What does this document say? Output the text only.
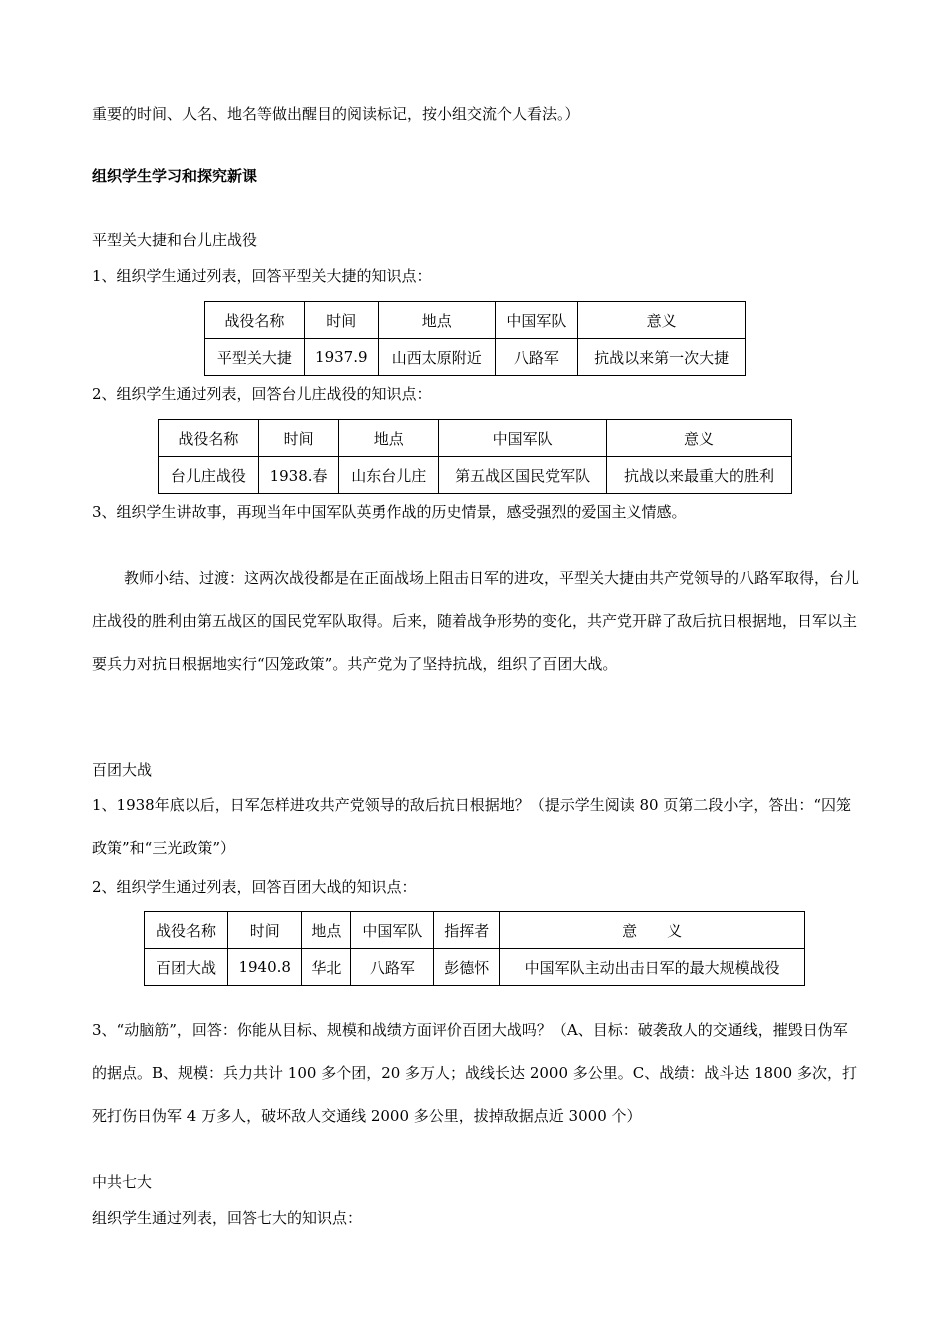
重要的时间、人名、地名等做出醒目的阅读标记，按小组交流个人看法。）
组织学生学习和探究新课
平型关大捷和台儿庄战役
1、组织学生通过列表，回答平型关大捷的知识点：
战役名称	时间	地点	中国军队	意义
平型关大捷	1937.9	山西太原附近	八路军	抗战以来第一次大捷
2、组织学生通过列表，回答台儿庄战役的知识点：
战役名称	时间	地点	中国军队	意义
台儿庄战役	1938.春	山东台儿庄	第五战区国民党军队	抗战以来最重大的胜利
3、组织学生讲故事，再现当年中国军队英勇作战的历史情景，感受强烈的爱国主义情感。
教师小结、过渡：这两次战役都是在正面战场上阻击日军的进攻，平型关大捷由共产党领导的八路军取得，台儿庄战役的胜利由第五战区的国民党军队取得。后来，随着战争形势的变化，共产党开辟了敌后抗日根据地，日军以主要兵力对抗日根据地实行“囚笼政策”。共产党为了坚持抗战，组织了百团大战。
百团大战
1、1938年底以后，日军怎样进攻共产党领导的敌后抗日根据地？（提示学生阅读 80 页第二段小字，答出：“囚笼政策”和“三光政策”）
2、组织学生通过列表，回答百团大战的知识点：
战役名称	时间	地点	中国军队	指挥者	意　　义
百团大战	1940.8	华北	八路军	彭德怀	中国军队主动出击日军的最大规模战役
3、“动脑筋”，回答：你能从目标、规模和战绩方面评价百团大战吗？（A、目标：破袭敌人的交通线，摧毁日伪军的据点。B、规模：兵力共计 100 多个团，20 多万人；战线长达 2000 多公里。C、战绩：战斗达 1800 多次，打死打伤日伪军 4 万多人，破坏敌人交通线 2000 多公里，拔掉敌据点近 3000 个）
中共七大
组织学生通过列表，回答七大的知识点：
